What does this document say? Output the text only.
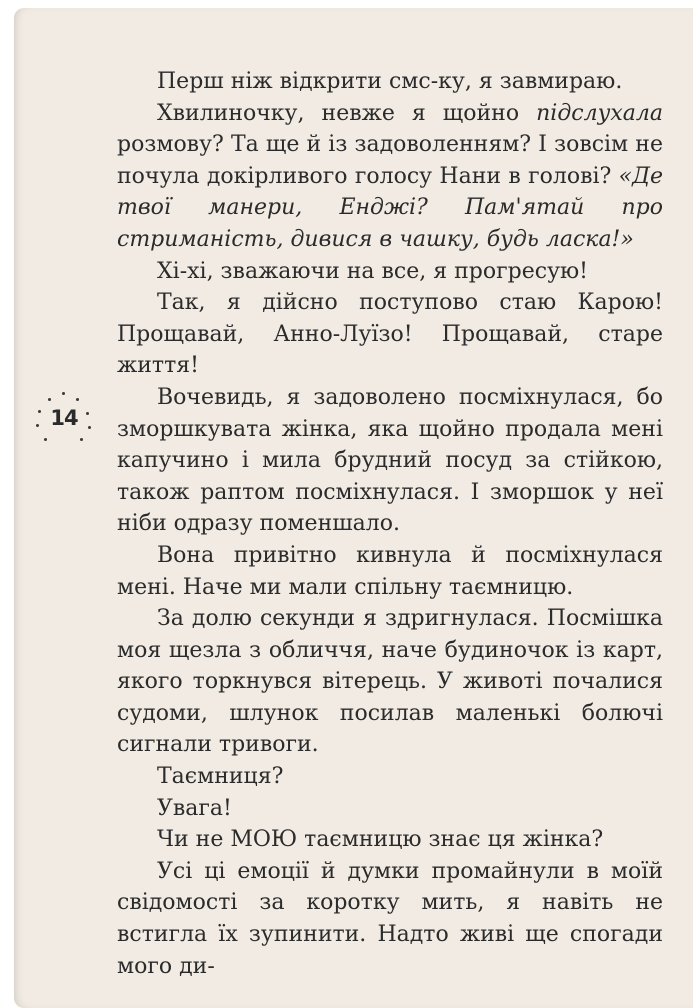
14

Перш ніж відкрити смс-ку, я завмираю.

Хвилиночку, невже я щойно підслухала розмову? Та ще й із задоволенням? І зовсім не почула докірливого голосу Нани в голові? «Де твої манери, Енджі? Пам'ятай про стриманість, дивися в чашку, будь ласка!»

Хі-хі, зважаючи на все, я прогресую!

Так, я дійсно поступово стаю Карою! Прощавай, Анно-Луїзо! Прощавай, старе життя!

Вочевидь, я задоволено посміхнулася, бо зморшкувата жінка, яка щойно продала мені капучино і мила брудний посуд за стійкою, також раптом посміхнулася. І зморшок у неї ніби одразу поменшало.

Вона привітно кивнула й посміхнулася мені. Наче ми мали спільну таємницю.

За долю секунди я здригнулася. Посмішка моя щезла з обличчя, наче будиночок із карт, якого торкнувся вітерець. У животі почалися судоми, шлунок посилав маленькі болючі сигнали тривоги.

Таємниця?

Увага!

Чи не МОЮ таємницю знає ця жінка?

Усі ці емоції й думки промайнули в моїй свідомості за коротку мить, я навіть не встигла їх зупинити. Надто живі ще спогади мого ди-
